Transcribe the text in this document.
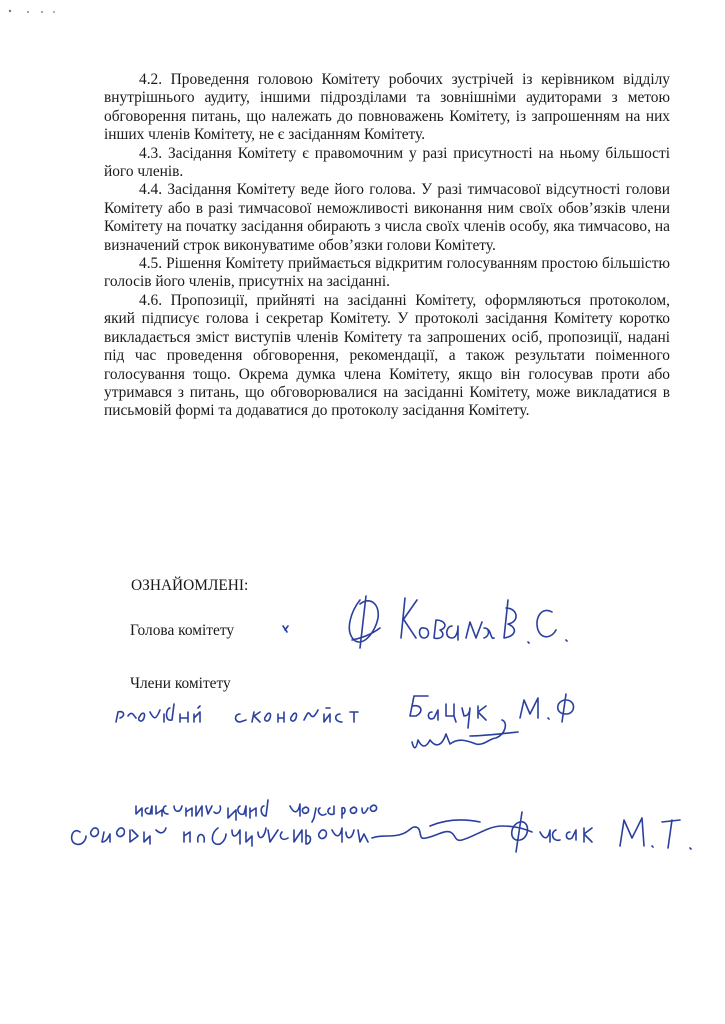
4.2. Проведення головою Комітету робочих зустрічей із керівником відділу внутрішнього аудиту, іншими підрозділами та зовнішніми аудиторами з метою обговорення питань, що належать до повноважень Комітету, із запрошенням на них інших членів Комітету, не є засіданням Комітету.

4.3. Засідання Комітету є правомочним у разі присутності на ньому більшості його членів.

4.4. Засідання Комітету веде його голова. У разі тимчасової відсутності голови Комітету або в разі тимчасової неможливості виконання ним своїх обов’язків члени Комітету на початку засідання обирають з числа своїх членів особу, яка тимчасово, на визначений строк виконуватиме обов’язки голови Комітету.

4.5. Рішення Комітету приймається відкритим голосуванням простою більшістю голосів його членів, присутніх на засіданні.

4.6. Пропозиції, прийняті на засіданні Комітету, оформляються протоколом, який підписує голова і секретар Комітету. У протоколі засідання Комітету коротко викладається зміст виступів членів Комітету та запрошених осіб, пропозиції, надані під час проведення обговорення, рекомендації, а також результати поіменного голосування тощо. Окрема думка члена Комітету, якщо він голосував проти або утримався з питань, що обговорювалися на засіданні Комітету, може викладатися в письмовій формі та додаватися до протоколу засідання Комітету.

ОЗНАЙОМЛЕНІ:
Голова комітету
Члени комітету
